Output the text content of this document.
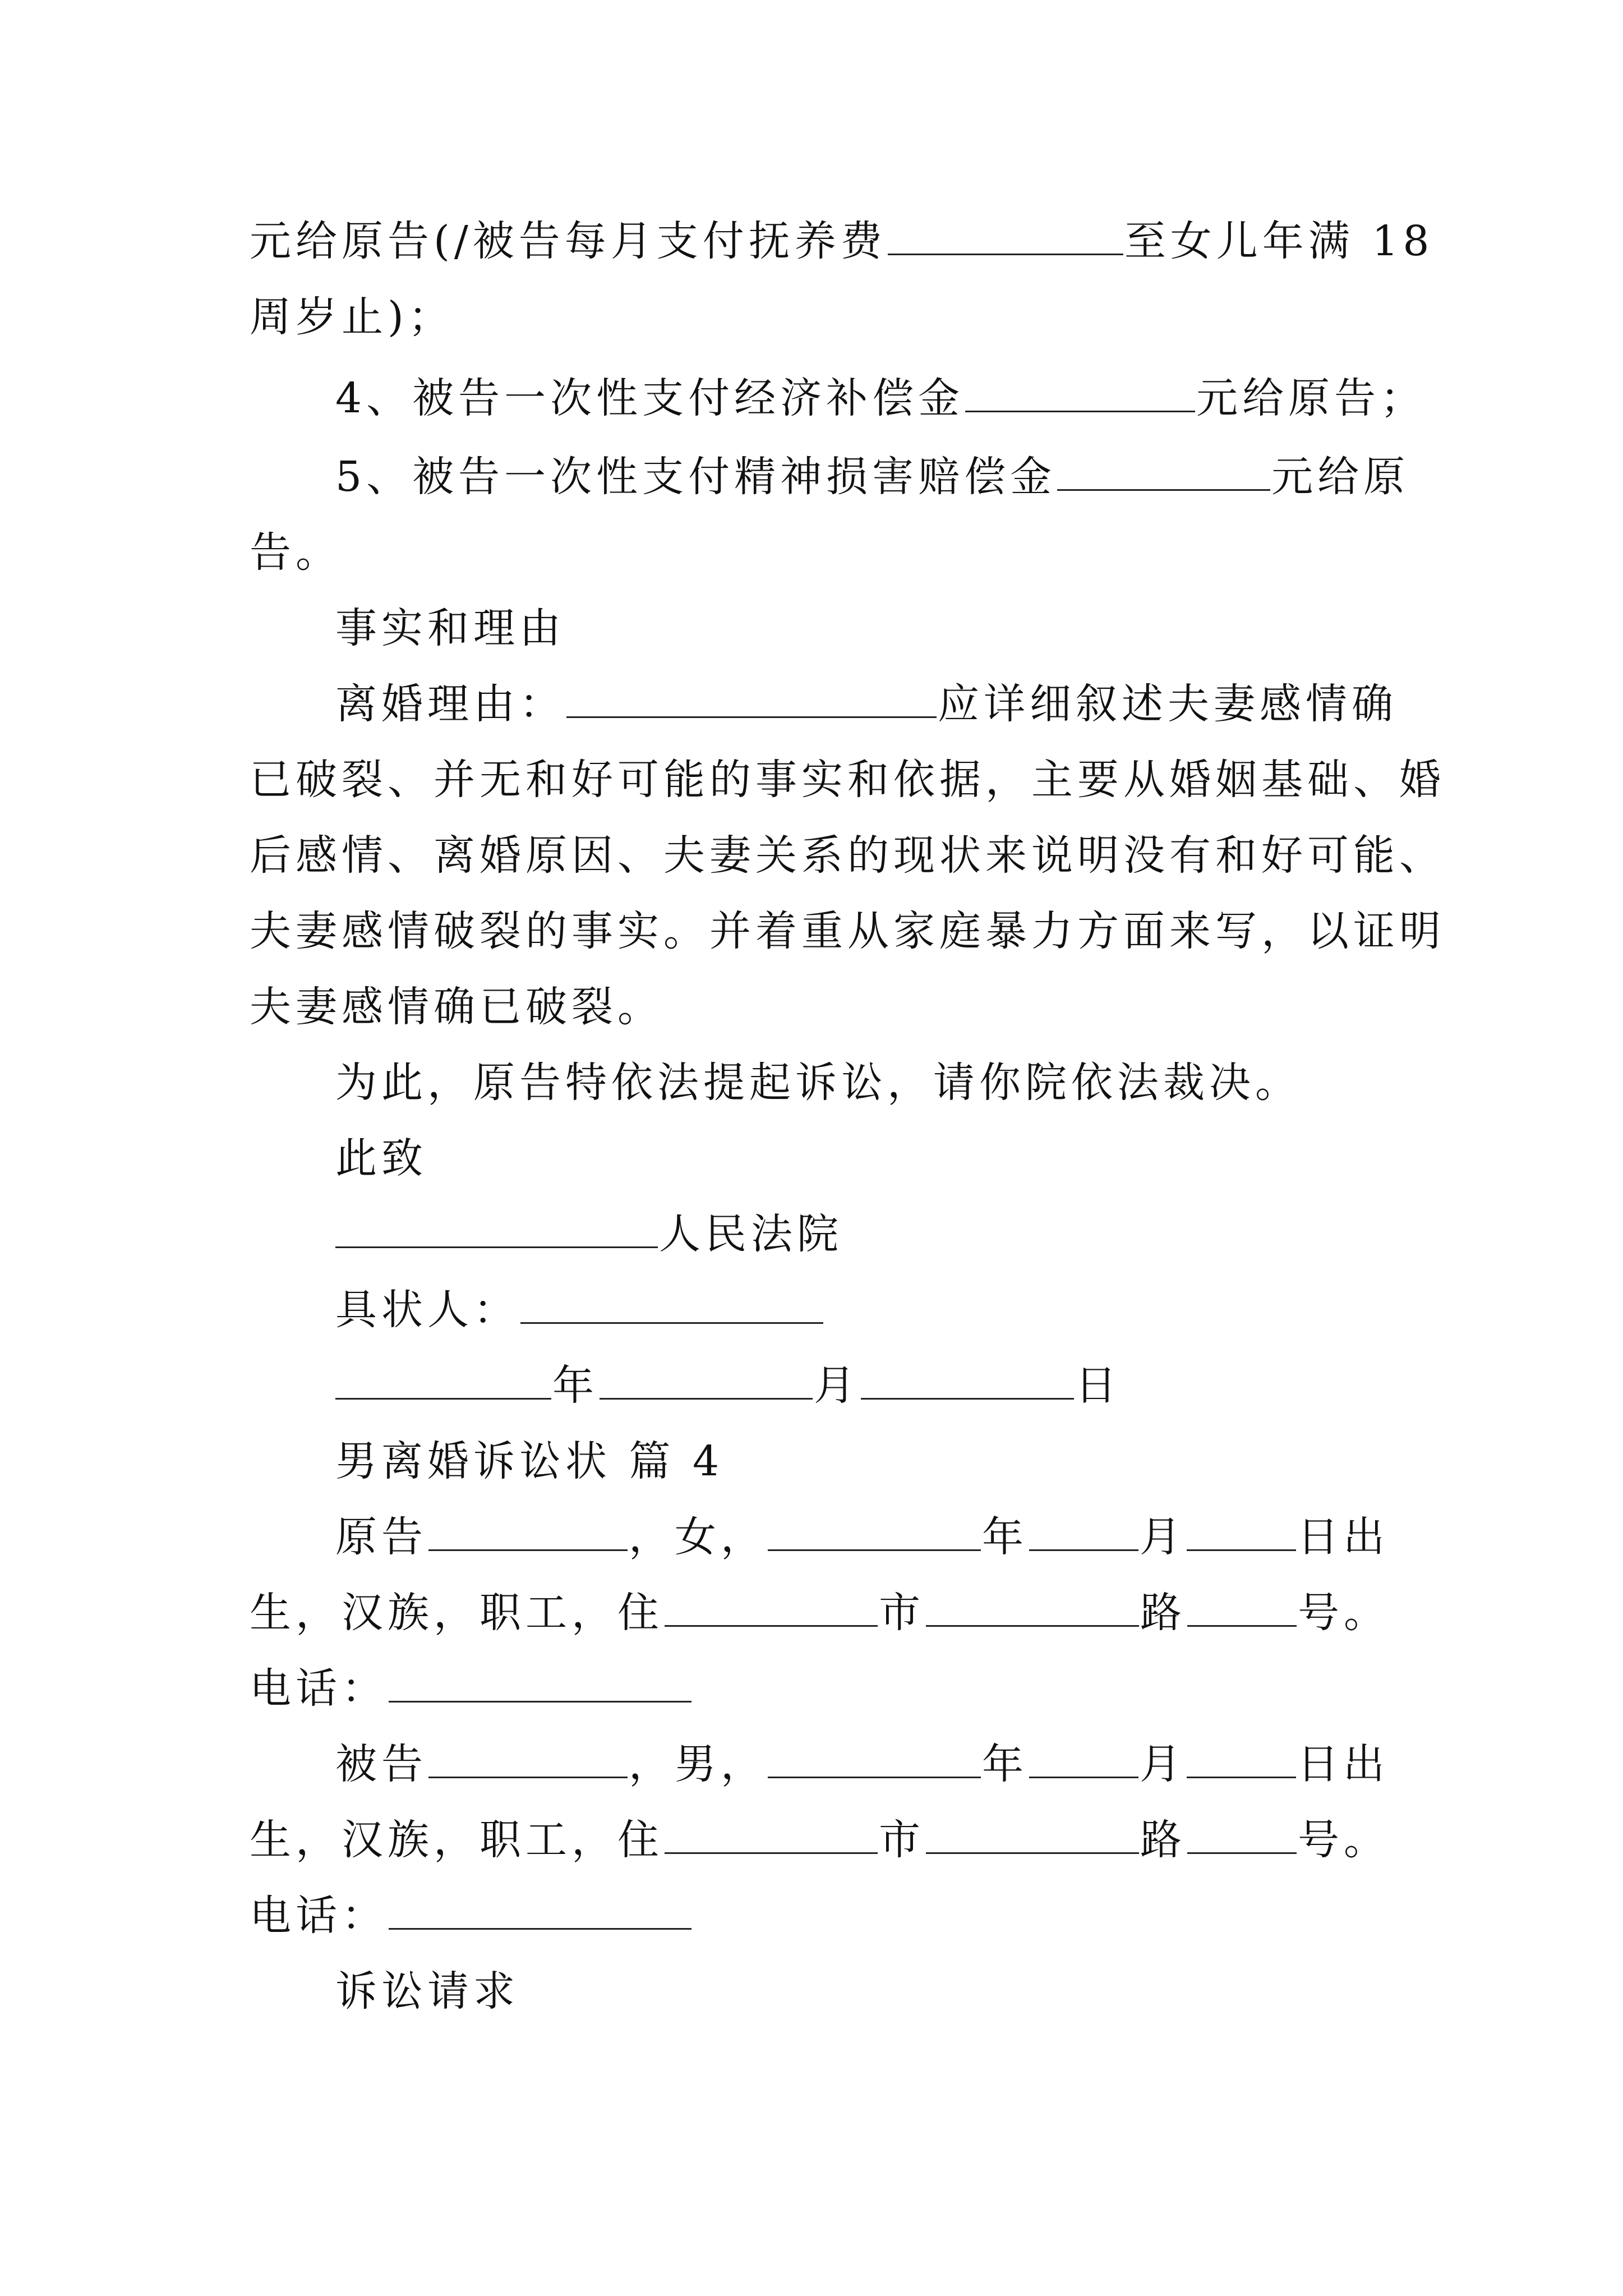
元给原告(/被告每月支付抚养费	至女儿年满 18
周岁止)；
4、被告一次性支付经济补偿金	元给原告；
5、被告一次性支付精神损害赔偿金	元给原
告。
事实和理由
离婚理由：	应详细叙述夫妻感情确
已破裂、并无和好可能的事实和依据，主要从婚姻基础、婚
后感情、离婚原因、夫妻关系的现状来说明没有和好可能、
夫妻感情破裂的事实。并着重从家庭暴力方面来写，以证明
夫妻感情确已破裂。
为此，原告特依法提起诉讼，请你院依法裁决。
此致
人民法院
具状人：
年	月	日
男离婚诉讼状 篇 4
原告	，女，	年	月	日出
生，汉族，职工，住	市	路	号。
电话：
被告	，男，	年	月	日出
生，汉族，职工，住	市	路	号。
电话：
诉讼请求
